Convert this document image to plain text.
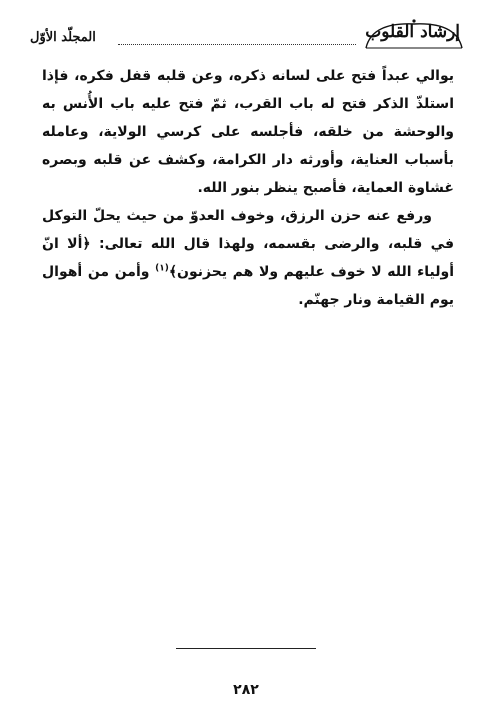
المجلّد الأوّل	إرشاد القلوب

يوالي عبداً فتح على لسانه ذكره، وعن قلبه قفل فكره، فإذا استلذّ الذكر فتح له باب القرب، ثمّ فتح عليه باب الأُنس به والوحشة من خلقه، فأجلسه على كرسي الولاية، وعامله بأسباب العناية، وأورثه دار الكرامة، وكشف عن قلبه وبصره غشاوة العماية، فأصبح ينظر بنور الله.

ورفع عنه حزن الرزق، وخوف العدوّ من حيث يحلّ التوكل في قلبه، والرضى بقسمه، ولهذا قال الله تعالى: ﴿ألا انّ أولياء الله لا خوف عليهم ولا هم يحزنون﴾$^{(١)}$ وأمن من أهوال يوم القيامة ونار جهنّم.

٢٨٢
